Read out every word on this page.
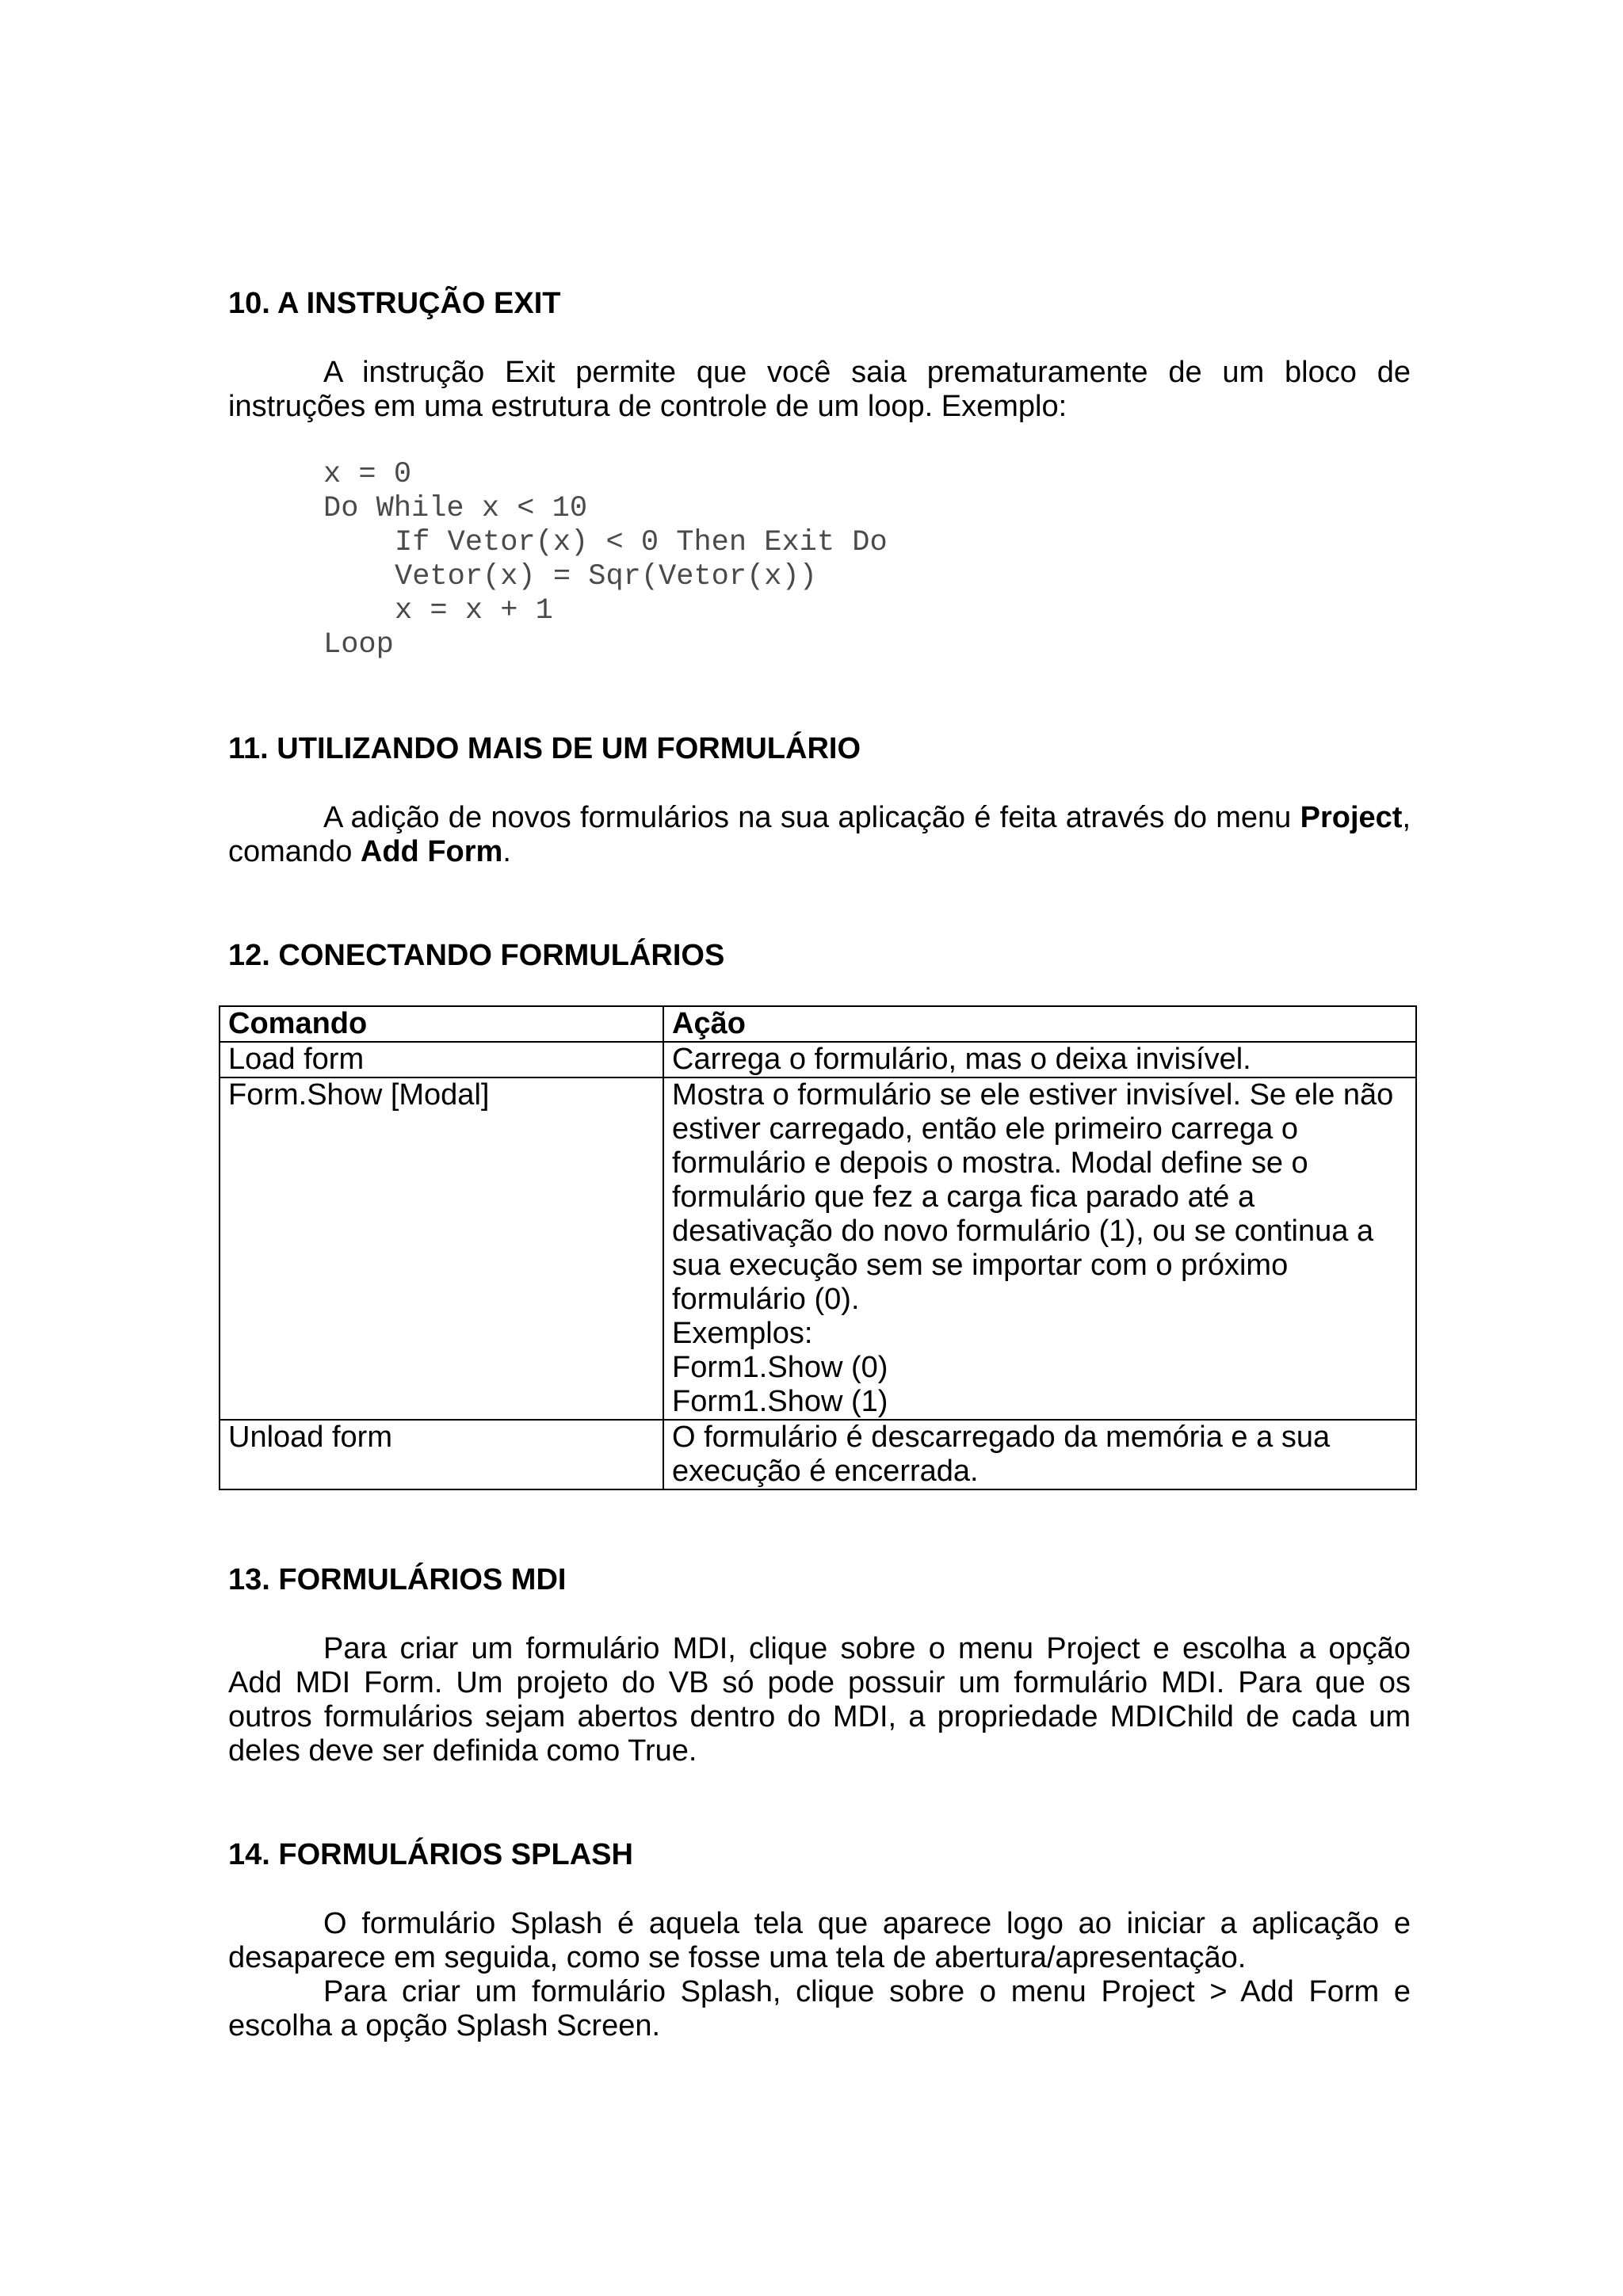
10. A INSTRUÇÃO EXIT

A instrução Exit permite que você saia prematuramente de um bloco de instruções em uma estrutura de controle de um loop. Exemplo:

x = 0
Do While x < 10
If Vetor(x) < 0 Then Exit Do
Vetor(x) = Sqr(Vetor(x))
x = x + 1
Loop
11. UTILIZANDO MAIS DE UM FORMULÁRIO

A adição de novos formulários na sua aplicação é feita através do menu Project, comando Add Form.

12. CONECTANDO FORMULÁRIOS
Comando	Ação
Load form	Carrega o formulário, mas o deixa invisível.
Form.Show [Modal]	Mostra o formulário se ele estiver invisível. Se ele não estiver carregado, então ele primeiro carrega o formulário e depois o mostra. Modal define se o formulário que fez a carga fica parado até a desativação do novo formulário (1), ou se continua a sua execução sem se importar com o próximo formulário (0).
Exemplos:
Form1.Show (0)
Form1.Show (1)

Unload form	O formulário é descarregado da memória e a sua execução é encerrada.
13. FORMULÁRIOS MDI

Para criar um formulário MDI, clique sobre o menu Project e escolha a opção Add MDI Form. Um projeto do VB só pode possuir um formulário MDI. Para que os outros formulários sejam abertos dentro do MDI, a propriedade MDIChild de cada um deles deve ser definida como True.

14. FORMULÁRIOS SPLASH

O formulário Splash é aquela tela que aparece logo ao iniciar a aplicação e desaparece em seguida, como se fosse uma tela de abertura/apresentação.

Para criar um formulário Splash, clique sobre o menu Project > Add Form e escolha a opção Splash Screen.
